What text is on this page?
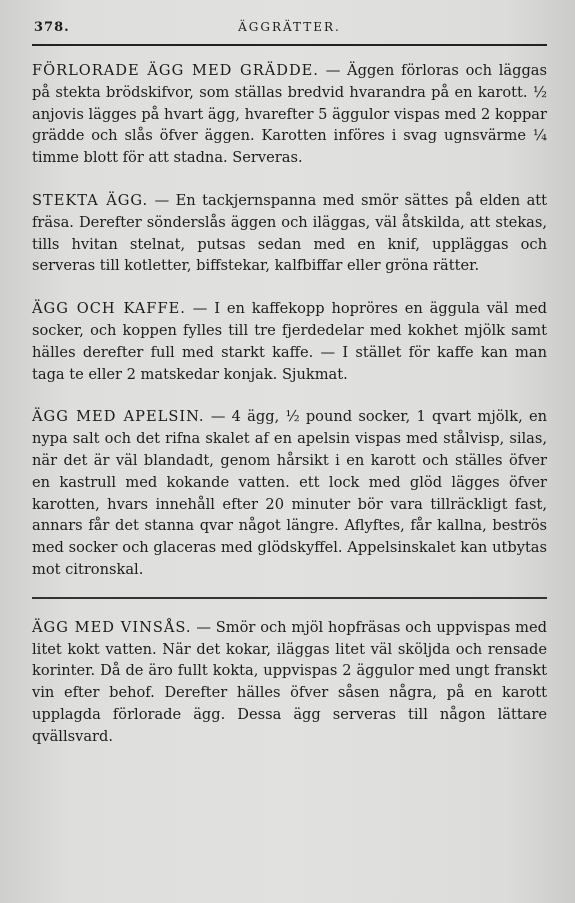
378.	ÄGGRÄTTER.

FÖRLORADE ÄGG MED GRÄDDE. — Äggen förloras och läggas på stekta brödskifvor, som ställas bredvid hvarandra på en karott. ½ anjovis lägges på hvart ägg, hvarefter 5 äggulor vispas med 2 koppar grädde och slås öfver äggen. Karotten införes i svag ugnsvärme ¼ timme blott för att stadna. Serveras.

STEKTA ÄGG. — En tackjernspanna med smör sättes på elden att fräsa. Derefter sönderslås äggen och iläggas, väl åtskilda, att stekas, tills hvitan stelnat, putsas sedan med en knif, uppläggas och serveras till kotletter, biffstekar, kalfbiffar eller gröna rätter.

ÄGG OCH KAFFE. — I en kaffekopp hopröres en äggula väl med socker, och koppen fylles till tre fjerdedelar med kokhet mjölk samt hälles derefter full med starkt kaffe. — I stället för kaffe kan man taga te eller 2 matskedar konjak. Sjukmat.

ÄGG MED APELSIN. — 4 ägg, ½ pound socker, 1 qvart mjölk, en nypa salt och det rifna skalet af en apelsin vispas med stålvisp, silas, när det är väl blandadt, genom hårsikt i en karott och ställes öfver en kastrull med kokande vatten. ett lock med glöd lägges öfver karotten, hvars innehåll efter 20 minuter bör vara tillräckligt fast, annars får det stanna qvar något längre. Aflyftes, får kallna, beströs med socker och glaceras med glödskyffel. Appelsinskalet kan utbytas mot citronskal.

ÄGG MED VINSÅS. — Smör och mjöl hopfräsas och uppvispas med litet kokt vatten. När det kokar, iläggas litet väl sköljda och rensade korinter. Då de äro fullt kokta, uppvispas 2 äggulor med ungt franskt vin efter behof. Derefter hälles öfver såsen några, på en karott upplagda förlorade ägg. Dessa ägg serveras till någon lättare qvällsvard.
